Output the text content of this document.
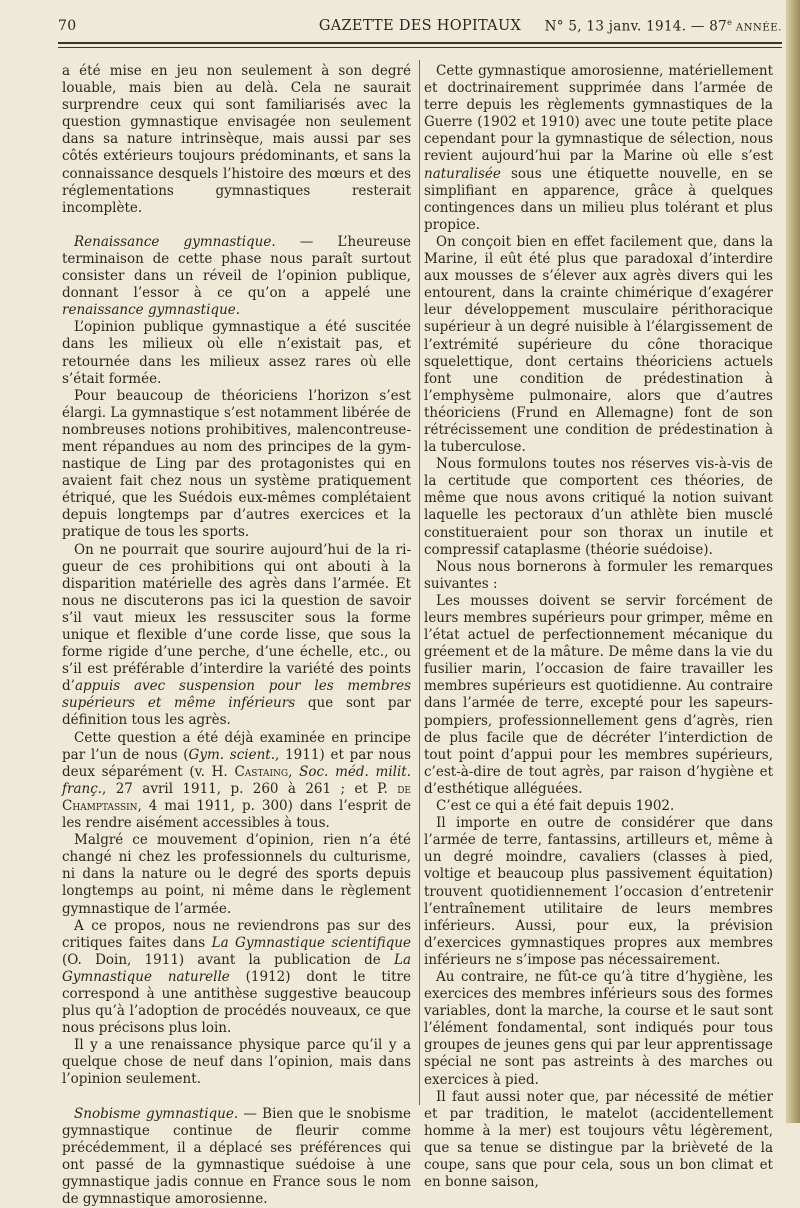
70	GAZETTE DES HOPITAUX	N° 5, 13 janv. 1914. — 87e ANNÉE.

a été mise en jeu non seulement à son degré louable, mais bien au delà. Cela ne saurait surprendre ceux qui sont familiarisés avec la question gymnastique envisagée non seulement dans sa nature intrinsèque, mais aussi par ses côtés extérieurs toujours prédominants, et sans la connaissance desquels l’histoire des mœurs et des réglementations gymnastiques resterait incomplète.

Renaissance gymnastique. — L’heureuse terminaison de cette phase nous paraît surtout consister dans un réveil de l’opinion publique, donnant l’essor à ce qu’on a appelé une renaissance gymnastique.

L’opinion publique gymnastique a été suscitée dans les milieux où elle n’existait pas, et retournée dans les milieux assez rares où elle s’était formée.

Pour beaucoup de théoriciens l’horizon s’est élargi. La gymnastique s’est notamment libérée de nombreuses notions prohibitives, malencontreusement répandues au nom des principes de la gymnastique de Ling par des protagonistes qui en avaient fait chez nous un système pratiquement étriqué, que les Suédois eux-mêmes complétaient depuis longtemps par d’autres exercices et la pratique de tous les sports.

On ne pourrait que sourire aujourd’hui de la rigueur de ces prohibitions qui ont abouti à la disparition matérielle des agrès dans l’armée. Et nous ne discuterons pas ici la question de savoir s’il vaut mieux les ressusciter sous la forme unique et flexible d’une corde lisse, que sous la forme rigide d’une perche, d’une échelle, etc., ou s’il est préférable d’interdire la variété des points d’appuis avec suspension pour les membres supérieurs et même inférieurs que sont par définition tous les agrès.

Cette question a été déjà examinée en principe par l’un de nous (Gym. scient., 1911) et par nous deux séparément (v. H. Castaing, Soc. méd. milit. franç., 27 avril 1911, p. 260 à 261 ; et P. de Champtassin, 4 mai 1911, p. 300) dans l’esprit de les rendre aisément accessibles à tous.

Malgré ce mouvement d’opinion, rien n’a été changé ni chez les professionnels du culturisme, ni dans la nature ou le degré des sports depuis longtemps au point, ni même dans le règlement gymnastique de l’armée.

A ce propos, nous ne reviendrons pas sur des critiques faites dans La Gymnastique scientifique (O. Doin, 1911) avant la publication de La Gymnastique naturelle (1912) dont le titre correspond à une antithèse suggestive beaucoup plus qu’à l’adoption de procédés nouveaux, ce que nous précisons plus loin.

Il y a une renaissance physique parce qu’il y a quelque chose de neuf dans l’opinion, mais dans l’opinion seulement.

Snobisme gymnastique. — Bien que le snobisme gymnastique continue de fleurir comme précédemment, il a déplacé ses préférences qui ont passé de la gymnastique suédoise à une gymnastique jadis connue en France sous le nom de gymnastique amorosienne.

Cette gymnastique amorosienne, matériellement et doctrinairement supprimée dans l’armée de terre depuis les règlements gymnastiques de la Guerre (1902 et 1910) avec une toute petite place cependant pour la gymnastique de sélection, nous revient aujourd’hui par la Marine où elle s’est naturalisée sous une étiquette nouvelle, en se simplifiant en apparence, grâce à quelques contingences dans un milieu plus tolérant et plus propice.

On conçoit bien en effet facilement que, dans la Marine, il eût été plus que paradoxal d’interdire aux mousses de s’élever aux agrès divers qui les entourent, dans la crainte chimérique d’exagérer leur développement musculaire périthoracique supérieur à un degré nuisible à l’élargissement de l’extrémité supérieure du cône thoracique squelettique, dont certains théoriciens actuels font une condition de prédestination à l’emphysème pulmonaire, alors que d’autres théoriciens (Frund en Allemagne) font de son rétrécissement une condition de prédestination à la tuberculose.

Nous formulons toutes nos réserves vis-à-vis de la certitude que comportent ces théories, de même que nous avons critiqué la notion suivant laquelle les pectoraux d’un athlète bien musclé constitueraient pour son thorax un inutile et compressif cataplasme (théorie suédoise).

Nous nous bornerons à formuler les remarques suivantes :

Les mousses doivent se servir forcément de leurs membres supérieurs pour grimper, même en l’état actuel de perfectionnement mécanique du gréement et de la mâture. De même dans la vie du fusilier marin, l’occasion de faire travailler les membres supérieurs est quotidienne. Au contraire dans l’armée de terre, excepté pour les sapeurs-pompiers, professionnellement gens d’agrès, rien de plus facile que de décréter l’interdiction de tout point d’appui pour les membres supérieurs, c’est-à-dire de tout agrès, par raison d’hygiène et d’esthétique alléguées.

C’est ce qui a été fait depuis 1902.

Il importe en outre de considérer que dans l’armée de terre, fantassins, artilleurs et, même à un degré moindre, cavaliers (classes à pied, voltige et beaucoup plus passivement équitation) trouvent quotidiennement l’occasion d’entretenir l’entraînement utilitaire de leurs membres inférieurs. Aussi, pour eux, la prévision d’exercices gymnastiques propres aux membres inférieurs ne s’impose pas nécessairement.

Au contraire, ne fût-ce qu’à titre d’hygiène, les exercices des membres inférieurs sous des formes variables, dont la marche, la course et le saut sont l’élément fondamental, sont indiqués pour tous groupes de jeunes gens qui par leur apprentissage spécial ne sont pas astreints à des marches ou exercices à pied.

Il faut aussi noter que, par nécessité de métier et par tradition, le matelot (accidentellement homme à la mer) est toujours vêtu légèrement, que sa tenue se distingue par la brièveté de la coupe, sans que pour cela, sous un bon climat et en bonne saison,
